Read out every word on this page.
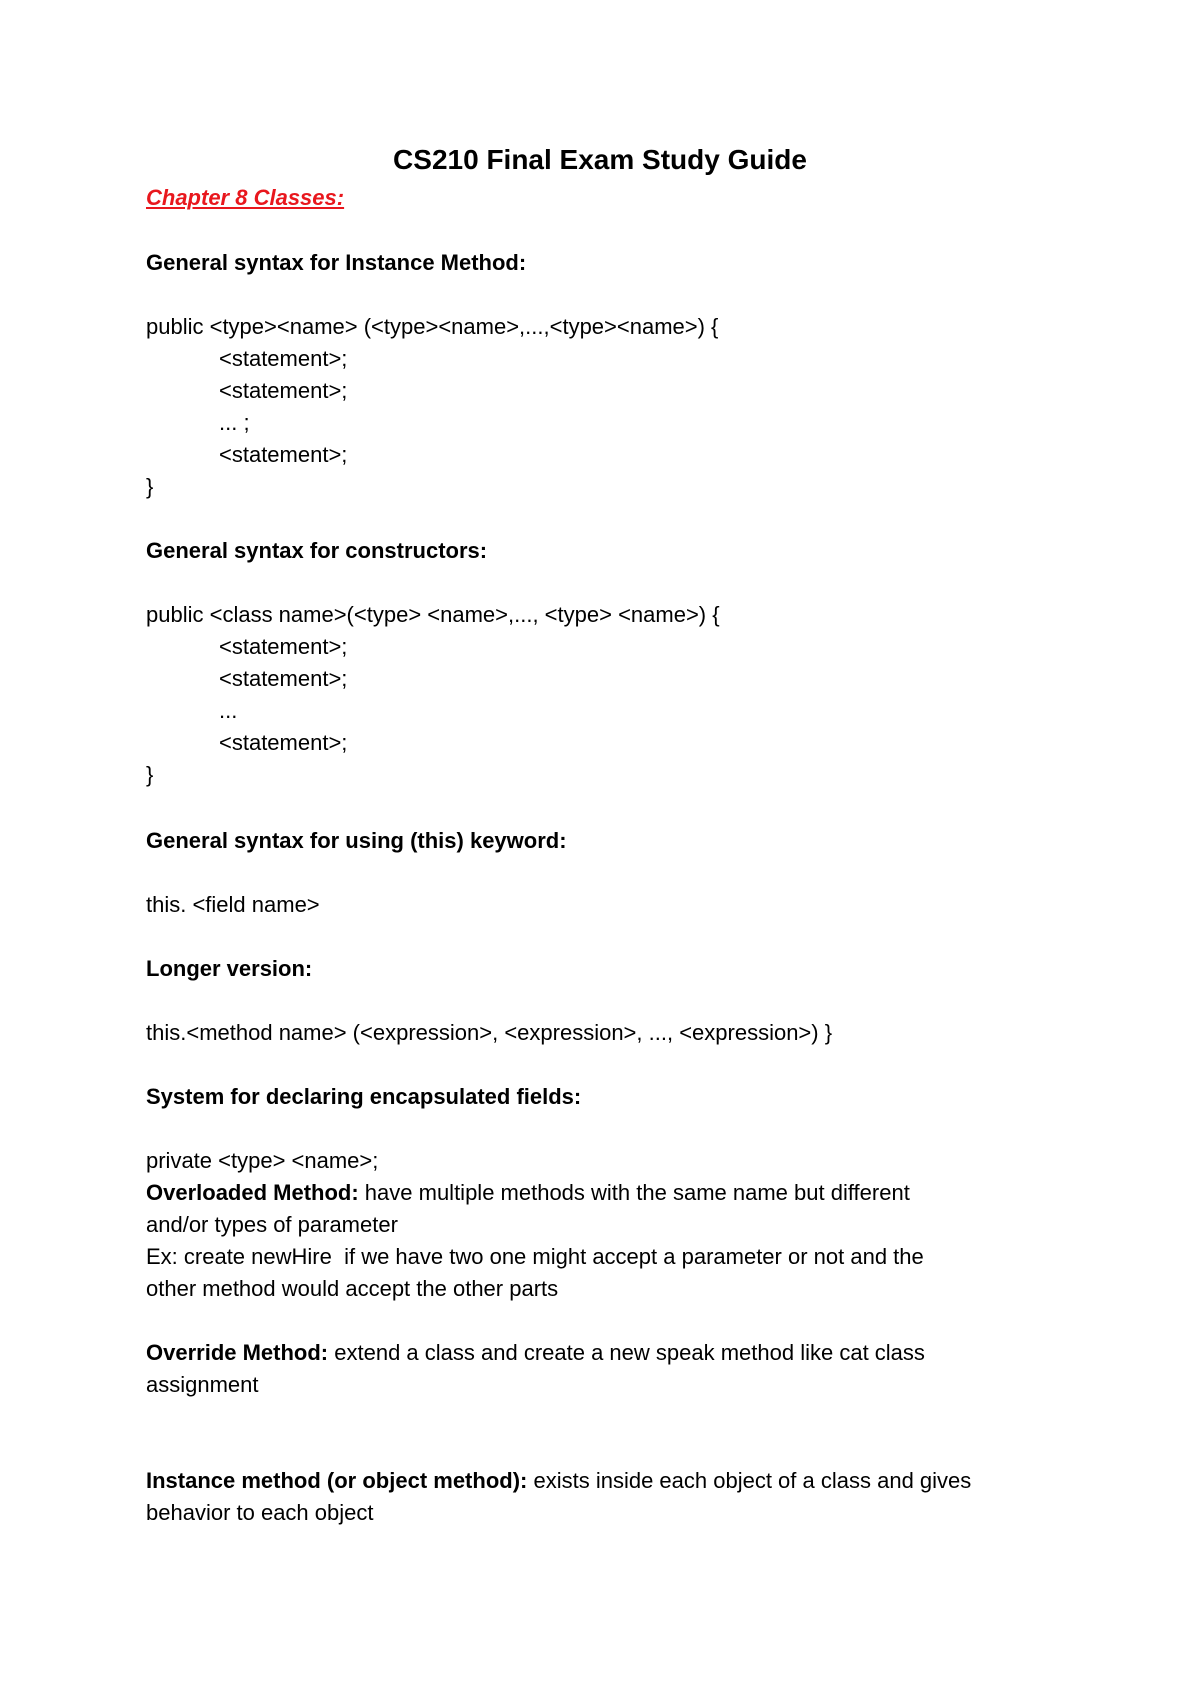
CS210 Final Exam Study Guide
Chapter 8 Classes:
General syntax for Instance Method:
public <type><name> (<type><name>,...,<type><name>) {
<statement>;
<statement>;
... ;
<statement>;
}
General syntax for constructors:
public <class name>(<type> <name>,..., <type> <name>) {
<statement>;
<statement>;
...
<statement>;
}
General syntax for using (this) keyword:
this. <field name>
Longer version:
this.<method name> (<expression>, <expression>, ..., <expression>) }
System for declaring encapsulated fields:
private <type> <name>;
Overloaded Method: have multiple methods with the same name but different
and/or types of parameter
Ex: create newHire  if we have two one might accept a parameter or not and the
other method would accept the other parts
Override Method: extend a class and create a new speak method like cat class
assignment
Instance method (or object method): exists inside each object of a class and gives
behavior to each object
